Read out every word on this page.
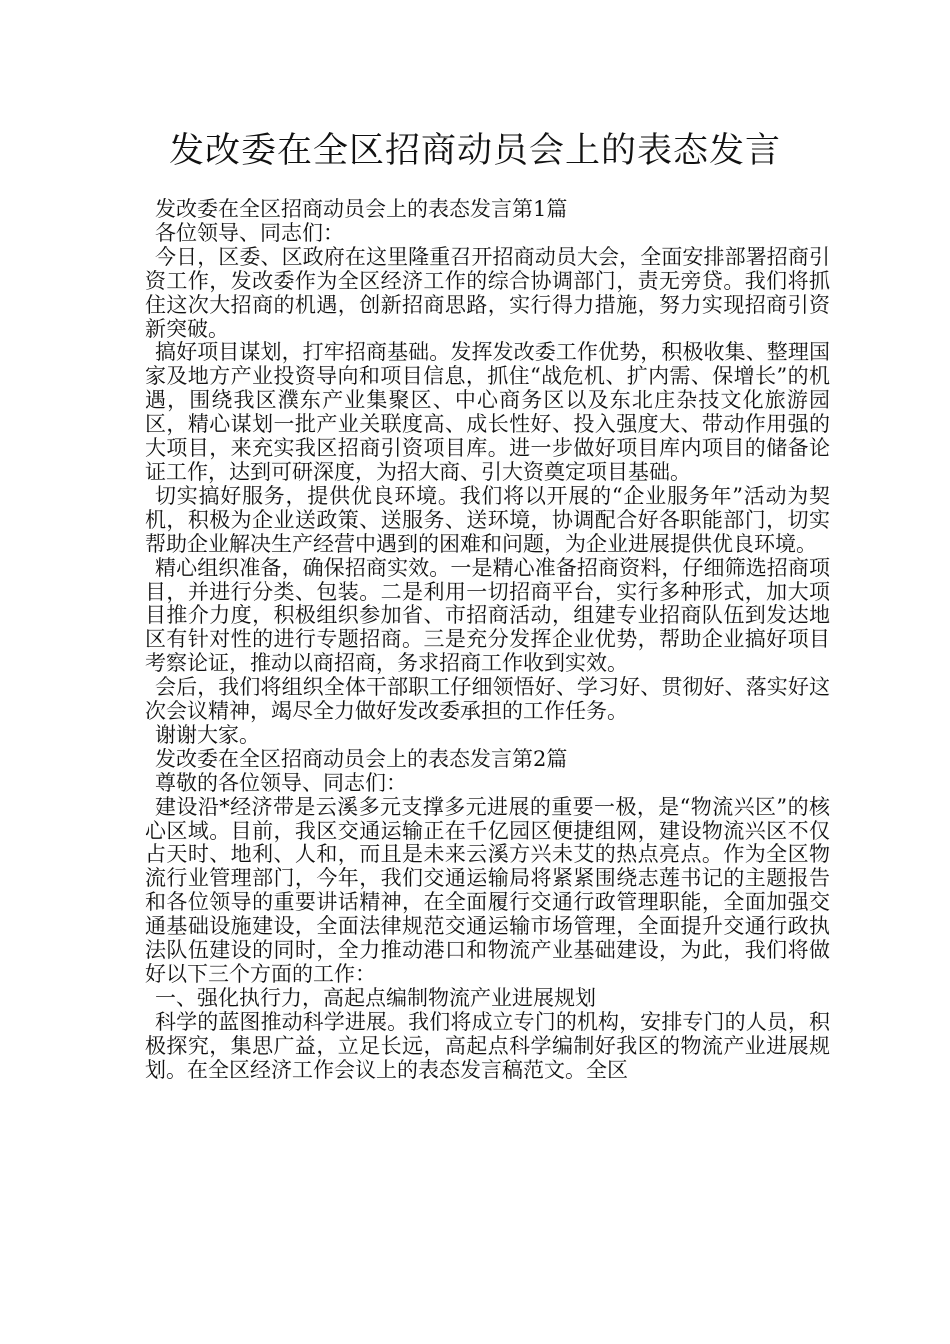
发改委在全区招商动员会上的表态发言

发改委在全区招商动员会上的表态发言第1篇

各位领导、同志们：

今日，区委、区政府在这里隆重召开招商动员大会，全面安排部署招商引资工作，发改委作为全区经济工作的综合协调部门，责无旁贷。我们将抓住这次大招商的机遇，创新招商思路，实行得力措施，努力实现招商引资新突破。

搞好项目谋划，打牢招商基础。发挥发改委工作优势，积极收集、整理国家及地方产业投资导向和项目信息，抓住“战危机、扩内需、保增长”的机遇，围绕我区濮东产业集聚区、中心商务区以及东北庄杂技文化旅游园区，精心谋划一批产业关联度高、成长性好、投入强度大、带动作用强的大项目，来充实我区招商引资项目库。进一步做好项目库内项目的储备论证工作，达到可研深度，为招大商、引大资奠定项目基础。

切实搞好服务，提供优良环境。我们将以开展的“企业服务年”活动为契机，积极为企业送政策、送服务、送环境，协调配合好各职能部门，切实帮助企业解决生产经营中遇到的困难和问题，为企业进展提供优良环境。

精心组织准备，确保招商实效。一是精心准备招商资料，仔细筛选招商项目，并进行分类、包装。二是利用一切招商平台，实行多种形式，加大项目推介力度，积极组织参加省、市招商活动，组建专业招商队伍到发达地区有针对性的进行专题招商。三是充分发挥企业优势，帮助企业搞好项目考察论证，推动以商招商，务求招商工作收到实效。

会后，我们将组织全体干部职工仔细领悟好、学习好、贯彻好、落实好这次会议精神，竭尽全力做好发改委承担的工作任务。

谢谢大家。

发改委在全区招商动员会上的表态发言第2篇

尊敬的各位领导、同志们：

建设沿*经济带是云溪多元支撑多元进展的重要一极，是“物流兴区”的核心区域。目前，我区交通运输正在千亿园区便捷组网，建设物流兴区不仅占天时、地利、人和，而且是未来云溪方兴未艾的热点亮点。作为全区物流行业管理部门，今年，我们交通运输局将紧紧围绕志莲书记的主题报告和各位领导的重要讲话精神，在全面履行交通行政管理职能，全面加强交通基础设施建设，全面法律规范交通运输市场管理，全面提升交通行政执法队伍建设的同时，全力推动港口和物流产业基础建设，为此，我们将做好以下三个方面的工作：

一、强化执行力，高起点编制物流产业进展规划

科学的蓝图推动科学进展。我们将成立专门的机构，安排专门的人员，积极探究，集思广益，立足长远，高起点科学编制好我区的物流产业进展规划。在全区经济工作会议上的表态发言稿范文。全区
